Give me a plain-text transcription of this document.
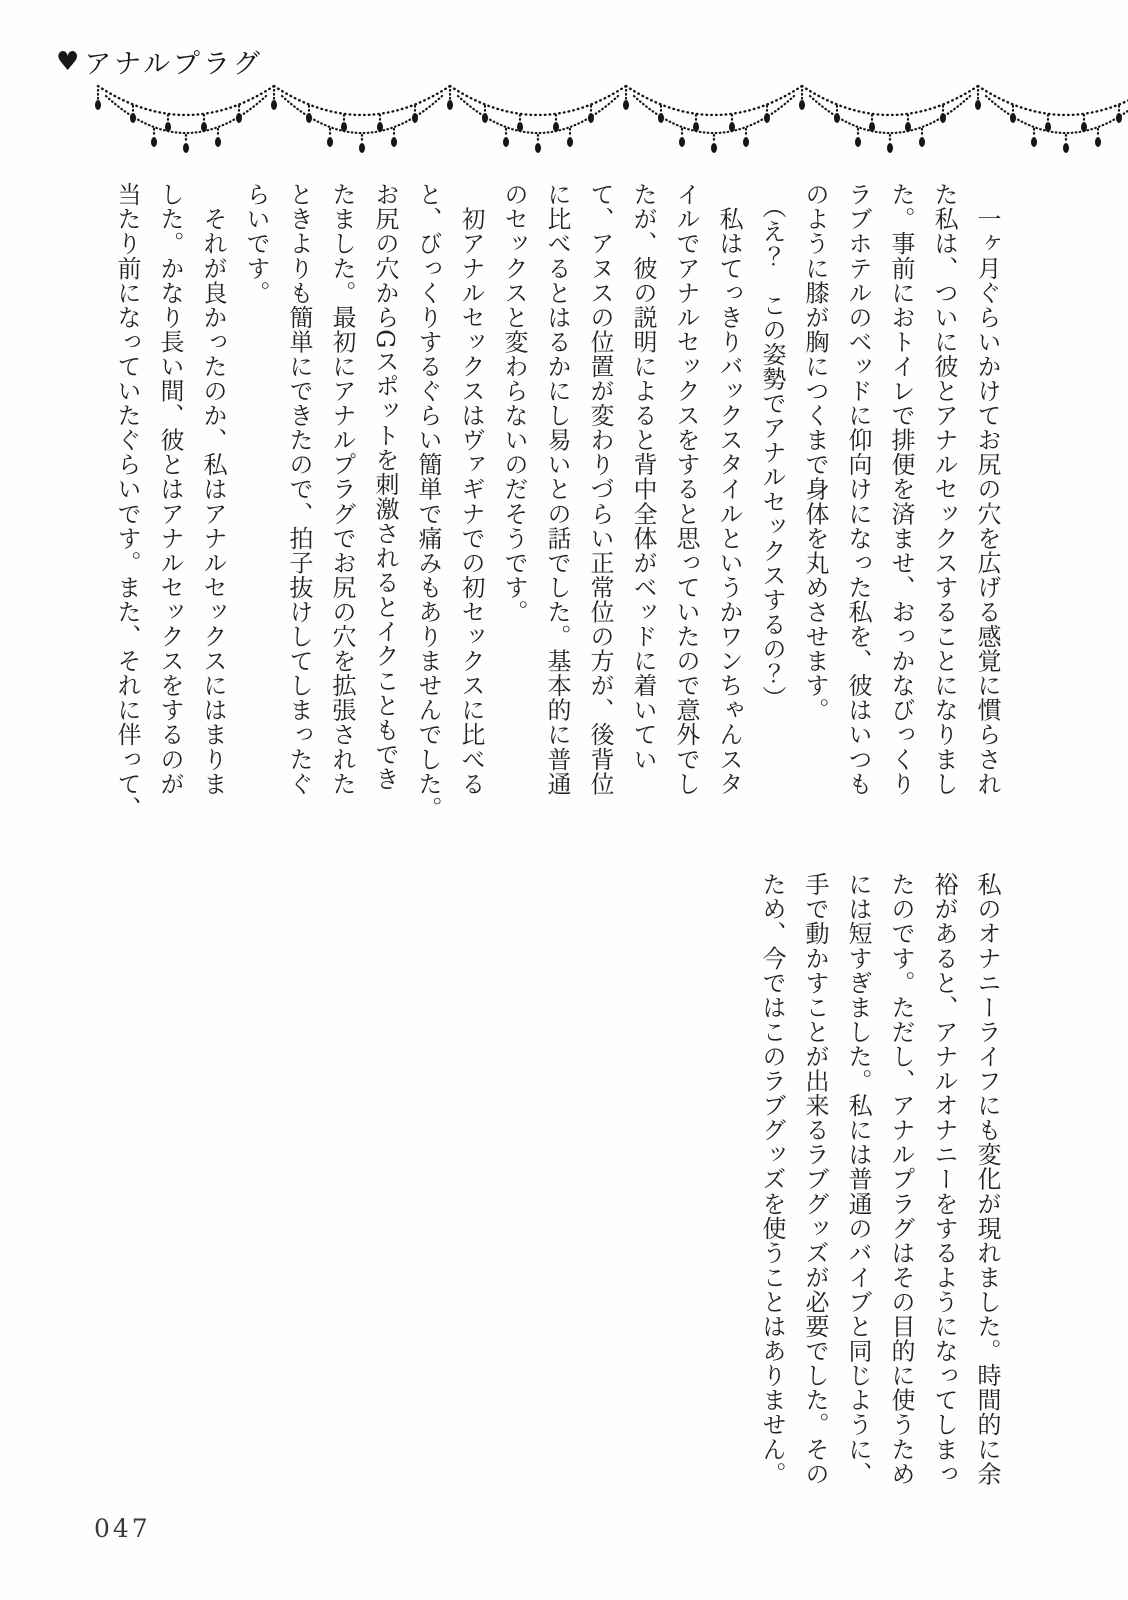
♥ アナルプラグ
　一ヶ月ぐらいかけてお尻の穴を広げる感覚に慣らされ
た私は、ついに彼とアナルセックスすることになりまし
た。事前におトイレで排便を済ませ、おっかなびっくり
ラブホテルのベッドに仰向けになった私を、彼はいつも
のように膝が胸につくまで身体を丸めさせます。
　（え？　この姿勢でアナルセックスするの？）
　私はてっきりバックスタイルというかワンちゃんスタ
イルでアナルセックスをすると思っていたので意外でし
たが、彼の説明によると背中全体がベッドに着いてい
て、アヌスの位置が変わりづらい正常位の方が、後背位
に比べるとはるかにし易いとの話でした。基本的に普通
のセックスと変わらないのだそうです。
　初アナルセックスはヴァギナでの初セックスに比べる
と、びっくりするぐらい簡単で痛みもありませんでした。
お尻の穴からGスポットを刺激されるとイクこともでき
たました。最初にアナルプラグでお尻の穴を拡張された
ときよりも簡単にできたので、拍子抜けしてしまったぐ
らいです。
　それが良かったのか、私はアナルセックスにはまりま
した。かなり長い間、彼とはアナルセックスをするのが
当たり前になっていたぐらいです。また、それに伴って、
私のオナニーライフにも変化が現れました。時間的に余
裕があると、アナルオナニーをするようになってしまっ
たのです。ただし、アナルプラグはその目的に使うため
には短すぎました。私には普通のバイブと同じように、
手で動かすことが出来るラブグッズが必要でした。その
ため、今ではこのラブグッズを使うことはありません。
047
